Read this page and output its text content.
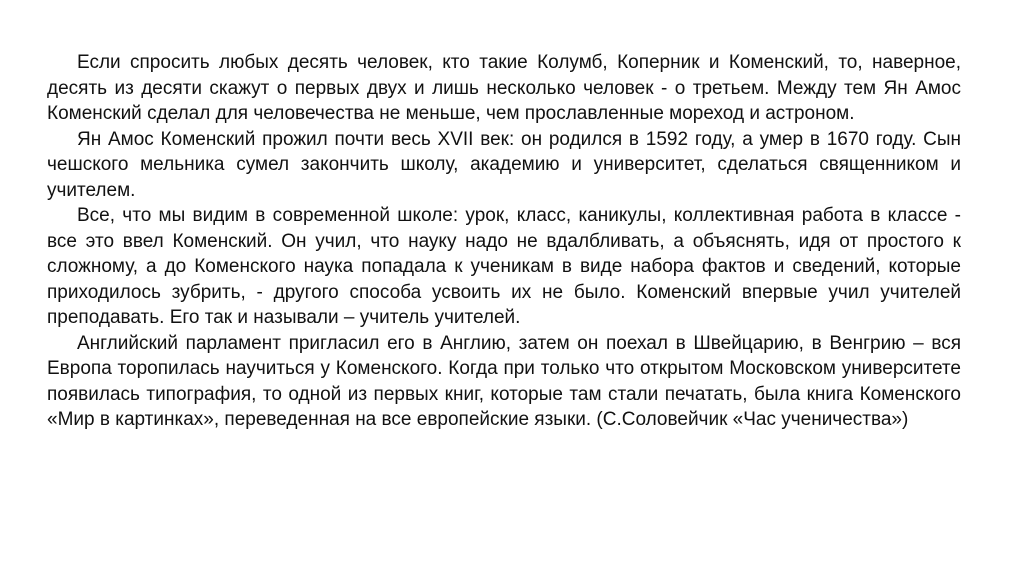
Если спросить любых десять человек, кто такие Колумб, Коперник и Коменский, то, наверное, десять из десяти скажут о первых двух и лишь несколько человек - о третьем. Между тем Ян Амос Коменский сделал для человечества не меньше, чем прославленные мореход и астроном.

Ян Амос Коменский прожил почти весь XVII век: он родился в 1592 году, а умер в 1670 году. Сын чешского мельника сумел закончить школу, академию и университет, сделаться священником и учителем.

Все, что мы видим в современной школе: урок, класс, каникулы, коллективная работа в классе - все это ввел Коменский. Он учил, что науку надо не вдалбливать, а объяснять, идя от простого к сложному, а до Коменского наука попадала к ученикам в виде набора фактов и сведений, которые приходилось зубрить, - другого способа усвоить их не было. Коменский впервые учил учителей преподавать. Его так и называли – учитель учителей.

Английский парламент пригласил его в Англию, затем он поехал в Швейцарию, в Венгрию – вся Европа торопилась научиться у Коменского. Когда при только что открытом Московском университете появилась типография, то одной из первых книг, которые там стали печатать, была книга Коменского «Мир в картинках», переведенная на все европейские языки. (С.Соловейчик «Час ученичества»)
